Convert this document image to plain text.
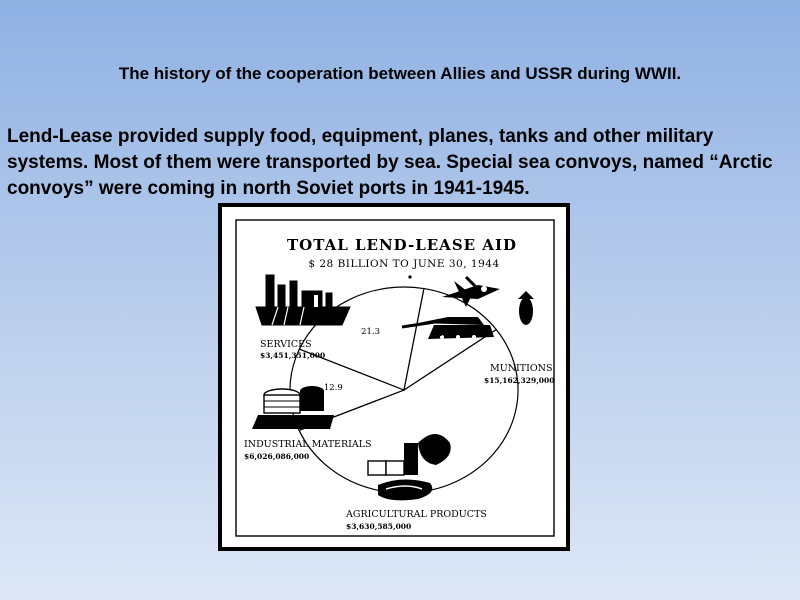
The history of the cooperation between Allies and USSR during WWII.
Lend-Lease provided supply food, equipment, planes, tanks and other military
systems. Most of them were transported by sea. Special sea convoys, named “Arctic
convoys” were coming in north Soviet ports in 1941-1945.
TOTAL LEND-LEASE AID
$ 28 BILLION TO JUNE 30, 1944
SERVICES
$3,451,351,000
MUNITIONS
$15,162,329,000
INDUSTRIAL MATERIALS
$6,026,086,000
AGRICULTURAL PRODUCTS
$3,630,585,000
53.6
12.9
21.3	12.2
